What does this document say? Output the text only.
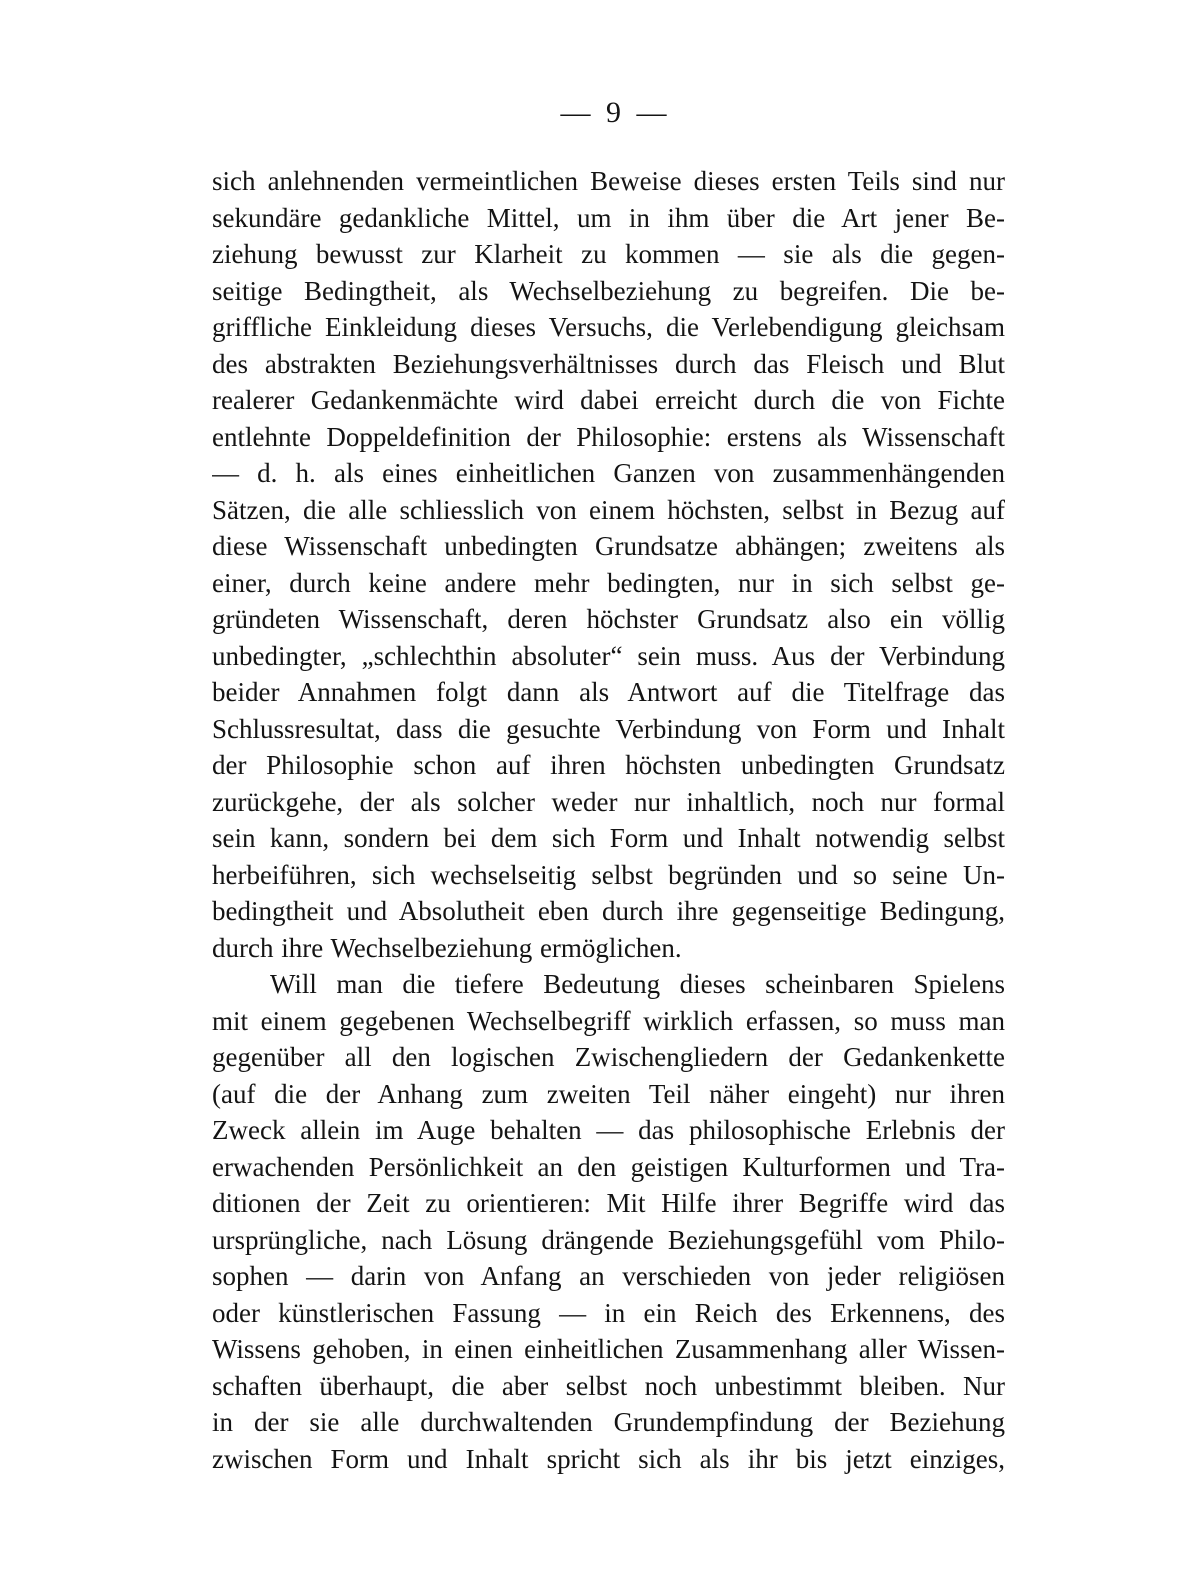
— 9 —
sich anlehnenden vermeintlichen Beweise dieses ersten Teils sind nur
sekundäre gedankliche Mittel, um in ihm über die Art jener Be-
ziehung bewusst zur Klarheit zu kommen — sie als die gegen-
seitige Bedingtheit, als Wechselbeziehung zu begreifen. Die be-
griffliche Einkleidung dieses Versuchs, die Verlebendigung gleichsam
des abstrakten Beziehungsverhältnisses durch das Fleisch und Blut
realerer Gedankenmächte wird dabei erreicht durch die von Fichte
entlehnte Doppeldefinition der Philosophie: erstens als Wissenschaft
— d. h. als eines einheitlichen Ganzen von zusammenhängenden
Sätzen, die alle schliesslich von einem höchsten, selbst in Bezug auf
diese Wissenschaft unbedingten Grundsatze abhängen; zweitens als
einer, durch keine andere mehr bedingten, nur in sich selbst ge-
gründeten Wissenschaft, deren höchster Grundsatz also ein völlig
unbedingter, „schlechthin absoluter“ sein muss. Aus der Verbindung
beider Annahmen folgt dann als Antwort auf die Titelfrage das
Schlussresultat, dass die gesuchte Verbindung von Form und Inhalt
der Philosophie schon auf ihren höchsten unbedingten Grundsatz
zurückgehe, der als solcher weder nur inhaltlich, noch nur formal
sein kann, sondern bei dem sich Form und Inhalt notwendig selbst
herbeiführen, sich wechselseitig selbst begründen und so seine Un-
bedingtheit und Absolutheit eben durch ihre gegenseitige Bedingung,
durch ihre Wechselbeziehung ermöglichen.
Will man die tiefere Bedeutung dieses scheinbaren Spielens
mit einem gegebenen Wechselbegriff wirklich erfassen, so muss man
gegenüber all den logischen Zwischengliedern der Gedankenkette
(auf die der Anhang zum zweiten Teil näher eingeht) nur ihren
Zweck allein im Auge behalten — das philosophische Erlebnis der
erwachenden Persönlichkeit an den geistigen Kulturformen und Tra-
ditionen der Zeit zu orientieren: Mit Hilfe ihrer Begriffe wird das
ursprüngliche, nach Lösung drängende Beziehungsgefühl vom Philo-
sophen — darin von Anfang an verschieden von jeder religiösen
oder künstlerischen Fassung — in ein Reich des Erkennens, des
Wissens gehoben, in einen einheitlichen Zusammenhang aller Wissen-
schaften überhaupt, die aber selbst noch unbestimmt bleiben. Nur
in der sie alle durchwaltenden Grundempfindung der Beziehung
zwischen Form und Inhalt spricht sich als ihr bis jetzt einziges,
